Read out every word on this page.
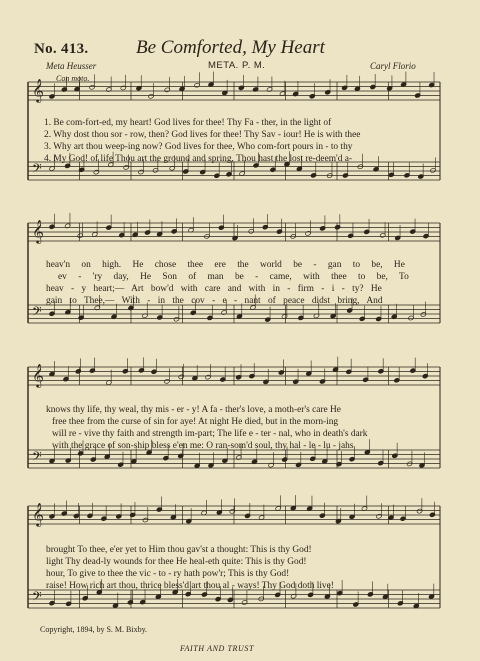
No. 413.	Be Comforted, My Heart
Meta Heusser	META. P. M.	Caryl Florio
Con moto.
𝄞
𝄢
𝄞
𝄢
𝄞
𝄢
𝄞
𝄢
1. Be com-fort-ed, my heart! God lives for thee! Thy Fa - ther, in the light of
2. Why dost thou sor - row, then? God lives for thee! Thy Sav - iour! He is with thee
3. Why art thou weep-ing now? God lives for thee, Who com-fort pours in - to thy
4. My God! of life Thou art the ground and spring, Thou hast the lost re-deem'd a-
heav'n on high. He chose thee ere the world be - gan to be, He
ev - 'ry day, He Son of man be - came, with thee to be, To
heav - y heart;— Art bow'd with care and with in - firm - i - ty? He
gain to Thee,— With - in the cov - e - nant of peace didst bring, And
knows thy life, thy weal, thy mis - er - y! A fa - ther's love, a moth-er's care He
free thee from the curse of sin for aye! At night He died, but in the morn-ing
will re - vive thy faith and strength im-part; The life e - ter - nal, who in death's dark
with the grace of son-ship bless e'en me: O ran-som'd soul, thy hal - le - lu - jahs
brought To thee, e'er yet to Him thou gav'st a thought: This is thy God!
light Thy dead-ly wounds for thee He heal-eth quite: This is thy God!
hour, To give to thee the vic - to - ry hath pow'r; This is thy God!
raise! How rich art thou, thrice bless'd art thou al - ways! Thy God doth live!
Copyright, 1894, by S. M. Bixby.
FAITH AND TRUST
